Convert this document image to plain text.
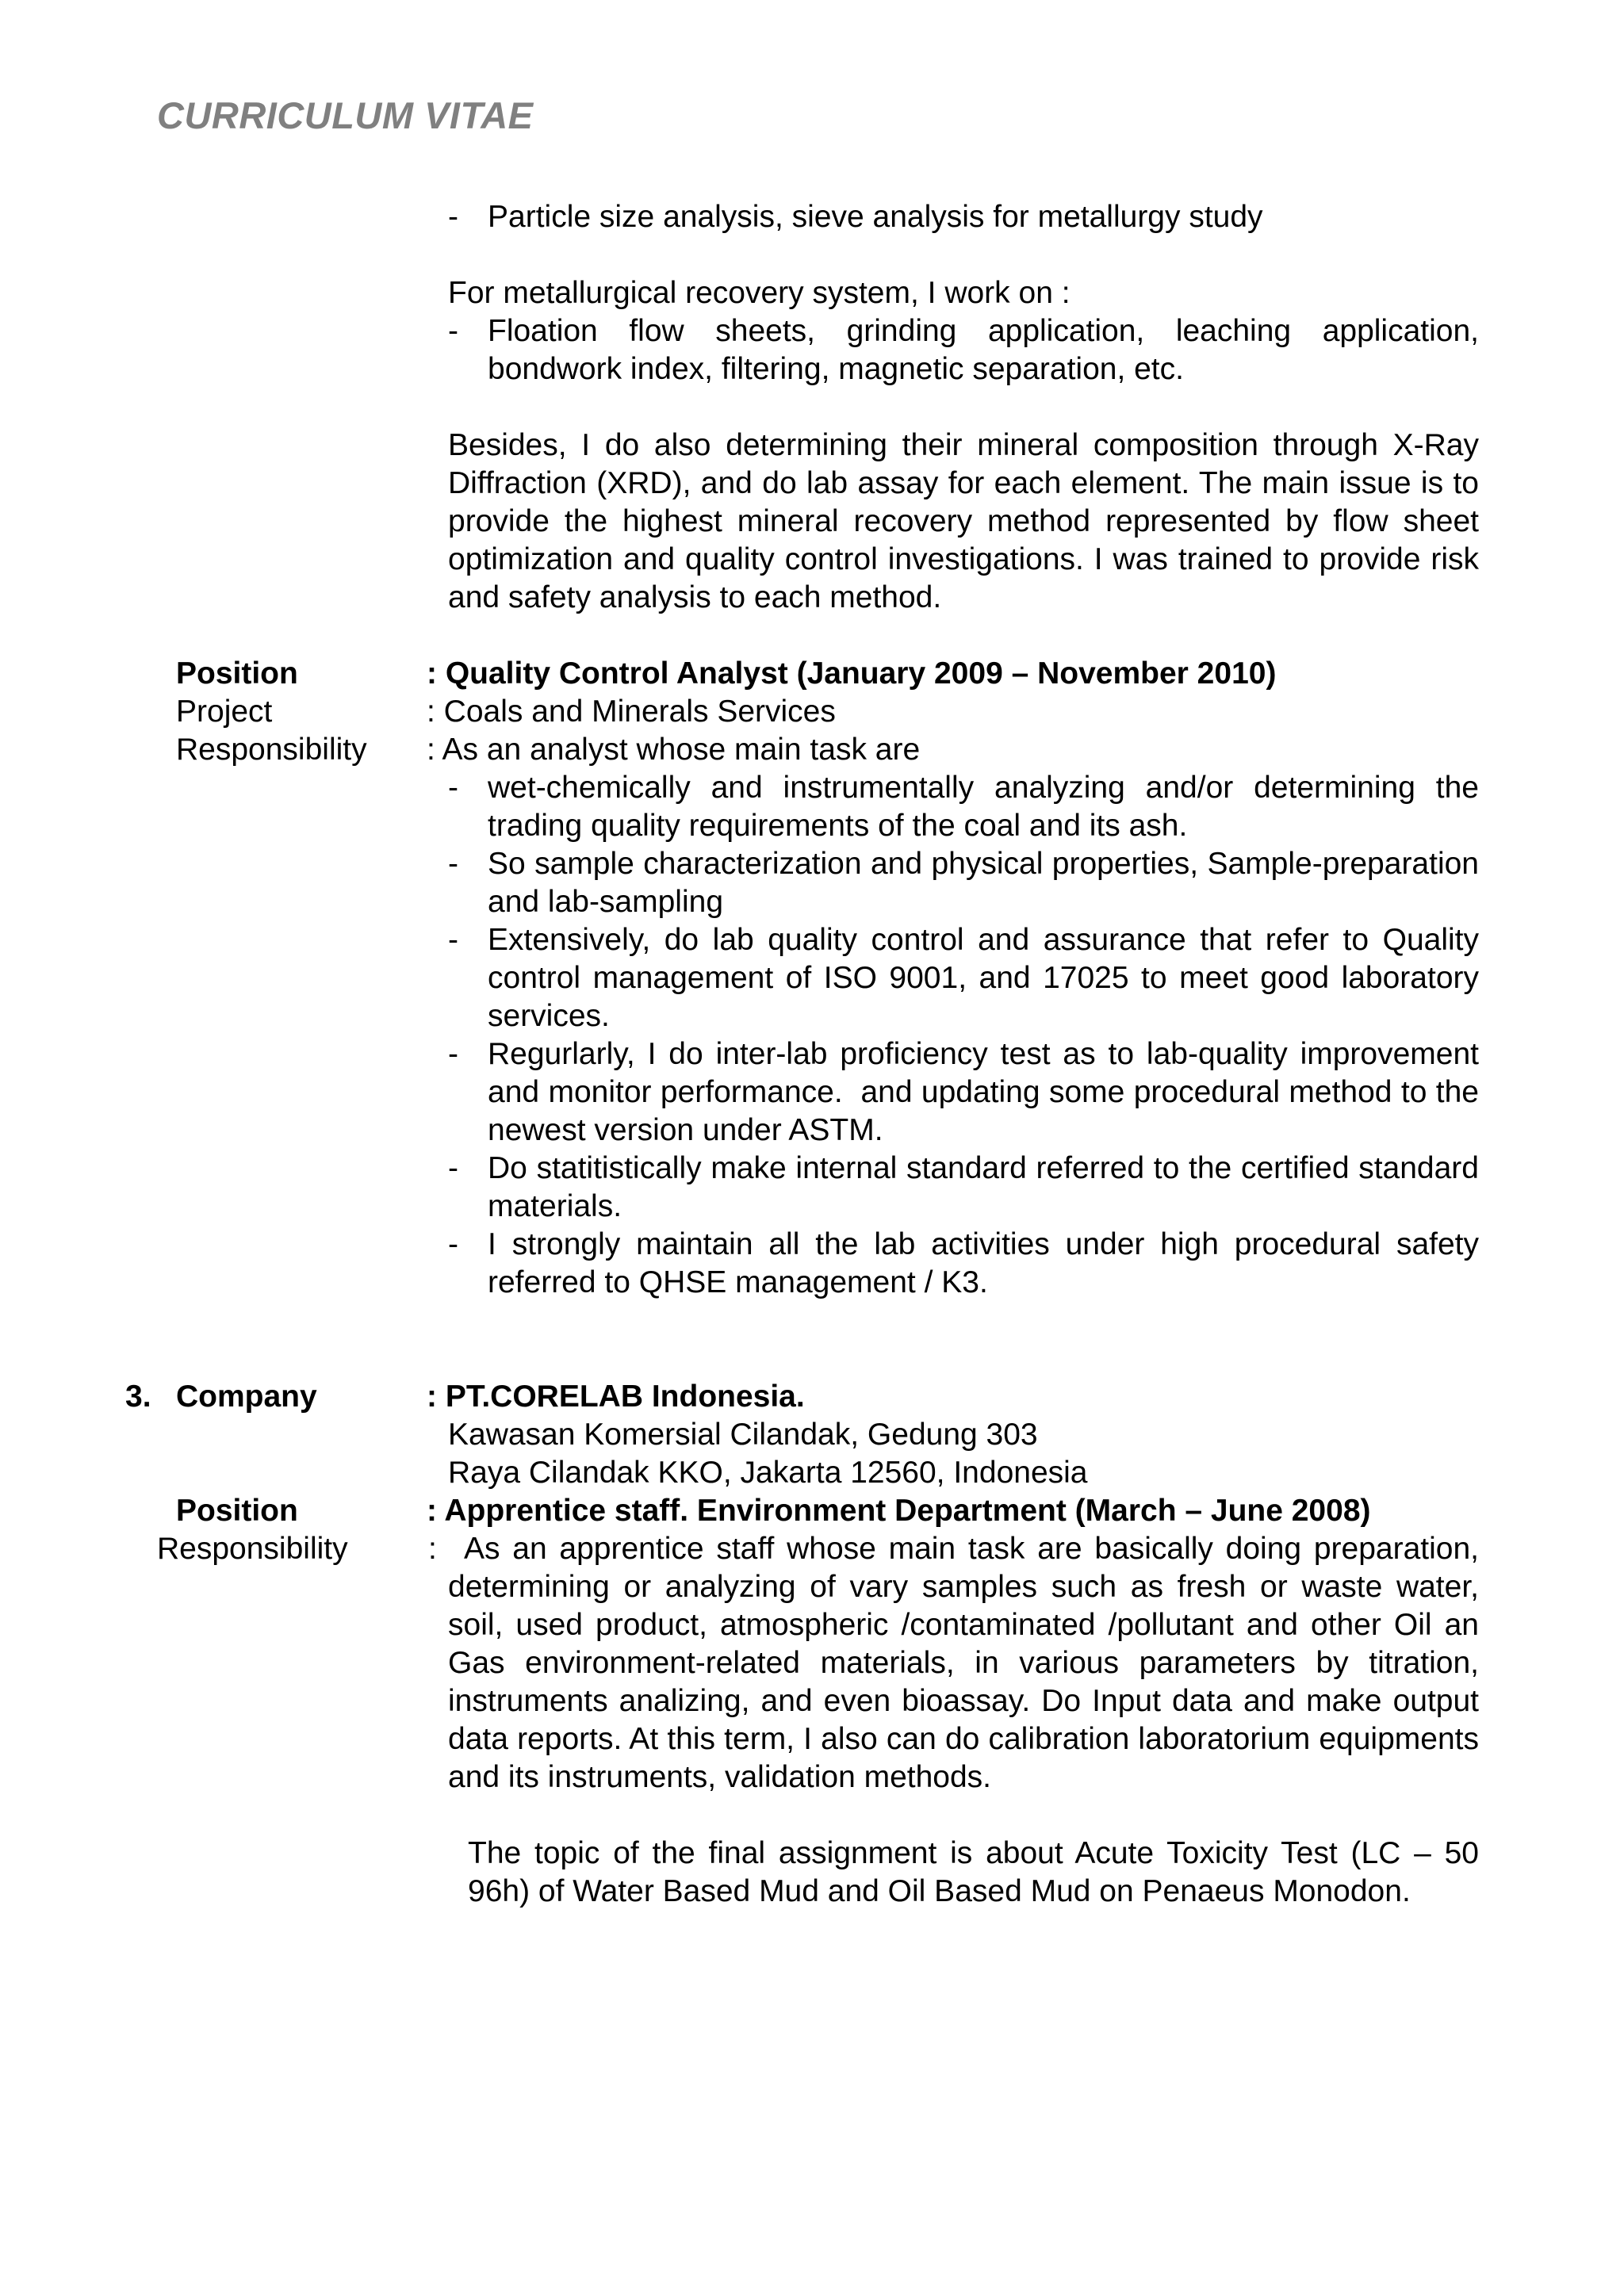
CURRICULUM VITAE
- Particle size analysis, sieve analysis for metallurgy study
For metallurgical recovery system, I work on :
- Floation flow sheets, grinding application, leaching application, bondwork index, filtering, magnetic separation, etc.
Besides, I do also determining their mineral composition through X-Ray Diffraction (XRD), and do lab assay for each element. The main issue is to provide the highest mineral recovery method represented by flow sheet optimization and quality control investigations. I was trained to provide risk and safety analysis to each method.
Position	: Quality Control Analyst (January 2009 – November 2010)
Project	: Coals and Minerals Services
Responsibility : As an analyst whose main task are
- wet-chemically and instrumentally analyzing and/or determining the trading quality requirements of the coal and its ash.
- So sample characterization and physical properties, Sample-preparation and lab-sampling
- Extensively, do lab quality control and assurance that refer to Quality control management of ISO 9001, and 17025 to meet good laboratory services.
- Regurlarly, I do inter-lab proficiency test as to lab-quality improvement and monitor performance.  and updating some procedural method to the newest version under ASTM.
- Do statitistically make internal standard referred to the certified standard materials.
- I strongly maintain all the lab activities under high procedural safety referred to QHSE management / K3.
3. Company	: PT.CORELAB Indonesia.
Kawasan Komersial Cilandak, Gedung 303
Raya Cilandak KKO, Jakarta 12560, Indonesia
Position	: Apprentice staff. Environment Department (March – June 2008)
Responsibility	: As an apprentice staff whose main task are basically doing preparation, determining or analyzing of vary samples such as fresh or waste water, soil, used product, atmospheric /contaminated /pollutant and other Oil an Gas environment-related materials, in various parameters by titration, instruments analizing, and even bioassay. Do Input data and make output data reports. At this term, I also can do calibration laboratorium equipments and its instruments, validation methods.
The topic of the final assignment is about Acute Toxicity Test (LC – 50 96h) of Water Based Mud and Oil Based Mud on Penaeus Monodon.
